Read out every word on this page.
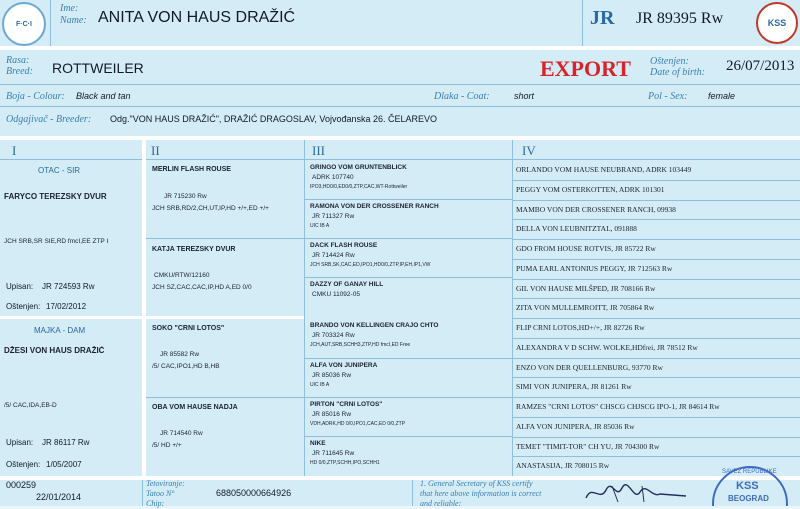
F·C·I
Ime:
Name: ANITA VON HAUS DRAŽIĆ	JR JR 89395 Rw	KSS
Rasa:
Breed: ROTTWEILER	EXPORT Oštenjen:
Date of birth: 26/07/2013
Boja - Colour: Black and tan	Dlaka - Coat:	short	Pol - Sex: female
Odgajivač - Breeder: Odg."VON HAUS DRAŽIĆ", DRAŽIĆ DRAGOSLAV, Vojvođanska 26. ČELAREVO
I	II	III	IV
OTAC - SIR
FARYCO TEREZSKY DVUR
JCH SRB,SR SIE,RD fmcI,EE ZTP I
Upisan: JR 724593 Rw
Oštenjen: 17/02/2012
MAJKA - DAM
DŽESI VON HAUS DRAŽIĆ
/5/ CAC,IDA,EB-D
Upisan: JR 86117 Rw
Oštenjen: 1/05/2007
MERLIN FLASH ROUSE
JR 715230 Rw
JCH SRB,RD/2,CH,UT,IP,HD +/+,ED +/+
KATJA TEREZSKY DVUR
CMKU/RTW/12160
JCH SZ,CAC,CAC,IP,HD A,ED 0/0
SOKO "CRNI LOTOS"
JR 85582 Rw
/5/ CAC,IPO1,HD B,HB
OBA VOM HAUSE NADJA
JR 714540 Rw
/5/ HD +/+
GRINGO VOM GRUNTENBLICK
ADRK 107740
IPO3,HD0/0,ED0/0,ZTP,CAC,WT-Rottweiler
RAMONA VON DER CROSSENER RANCH
JR 711327 Rw
UIC IB A
DACK FLASH ROUSE
JR 714424 Rw
JCH SRB,SK,CAC,ED,IPO1,HD0/0,ZTP,IP,EH,IP1,VW
DAZZY OF GANAY HILL
CMKU 11092-05
BRANDO VON KELLINGEN CRAJO CHTO
JR 703324 Rw
JCH,AUT,SRB,SCHH3,ZTP,HD fmcI,ED Free
ALFA VON JUNIPERA
JR 85036 Rw
UIC IB A
PIRTON "CRNI LOTOS"
JR 85016 Rw
VDH,ADRK,HD 0/0,IPO1,CAC,ED 0/0,ZTP
NIKE
JR 711645 Rw
HD 0/0,ZTP,SCHH,IPO,SCHH1
ORLANDO VOM HAUSE NEUBRAND, ADRK 103449
PEGGY VOM OSTERKOTTEN, ADRK 101301
MAMBO VON DER CROSSENER RANCH, 09938
DELLA VON LEUBNITZTAL, 091888
GDO FROM HOUSE ROTVIS, JR 85722 Rw
PUMA EARL ANTONIUS PEGGY, JR 712563 Rw
GIL VON HAUSE MILŠPED, JR 708166 Rw
ZITA VON MULLEMROITT, JR 705864 Rw
FLIP CRNI LOTOS,HD+/+, JR 82726 Rw
ALEXANDRA V D SCHW. WOLKE,HDfrei, JR 78512 Rw
ENZO VON DER QUELLENBURG, 93770 Rw
SIMI VON JUNIPERA, JR 81261 Rw
RAMZES "CRNI LOTOS" CHSCG CHJSCG IPO-1, JR 84614 Rw
ALFA VON JUNIPERA, JR 85036 Rw
TEMET "TIMIT-TOR" CH YU, JR 704300 Rw
ANASTASIJA, JR 708015 Rw
000259
22/01/2014
Tetoviranje:
Tatoo N°
Chip:
688050000664926
1. General Secretary of KSS certify
that here above information is correct
and reliable:
SAVEZ REPUBLIKE
KSS
BEOGRAD
